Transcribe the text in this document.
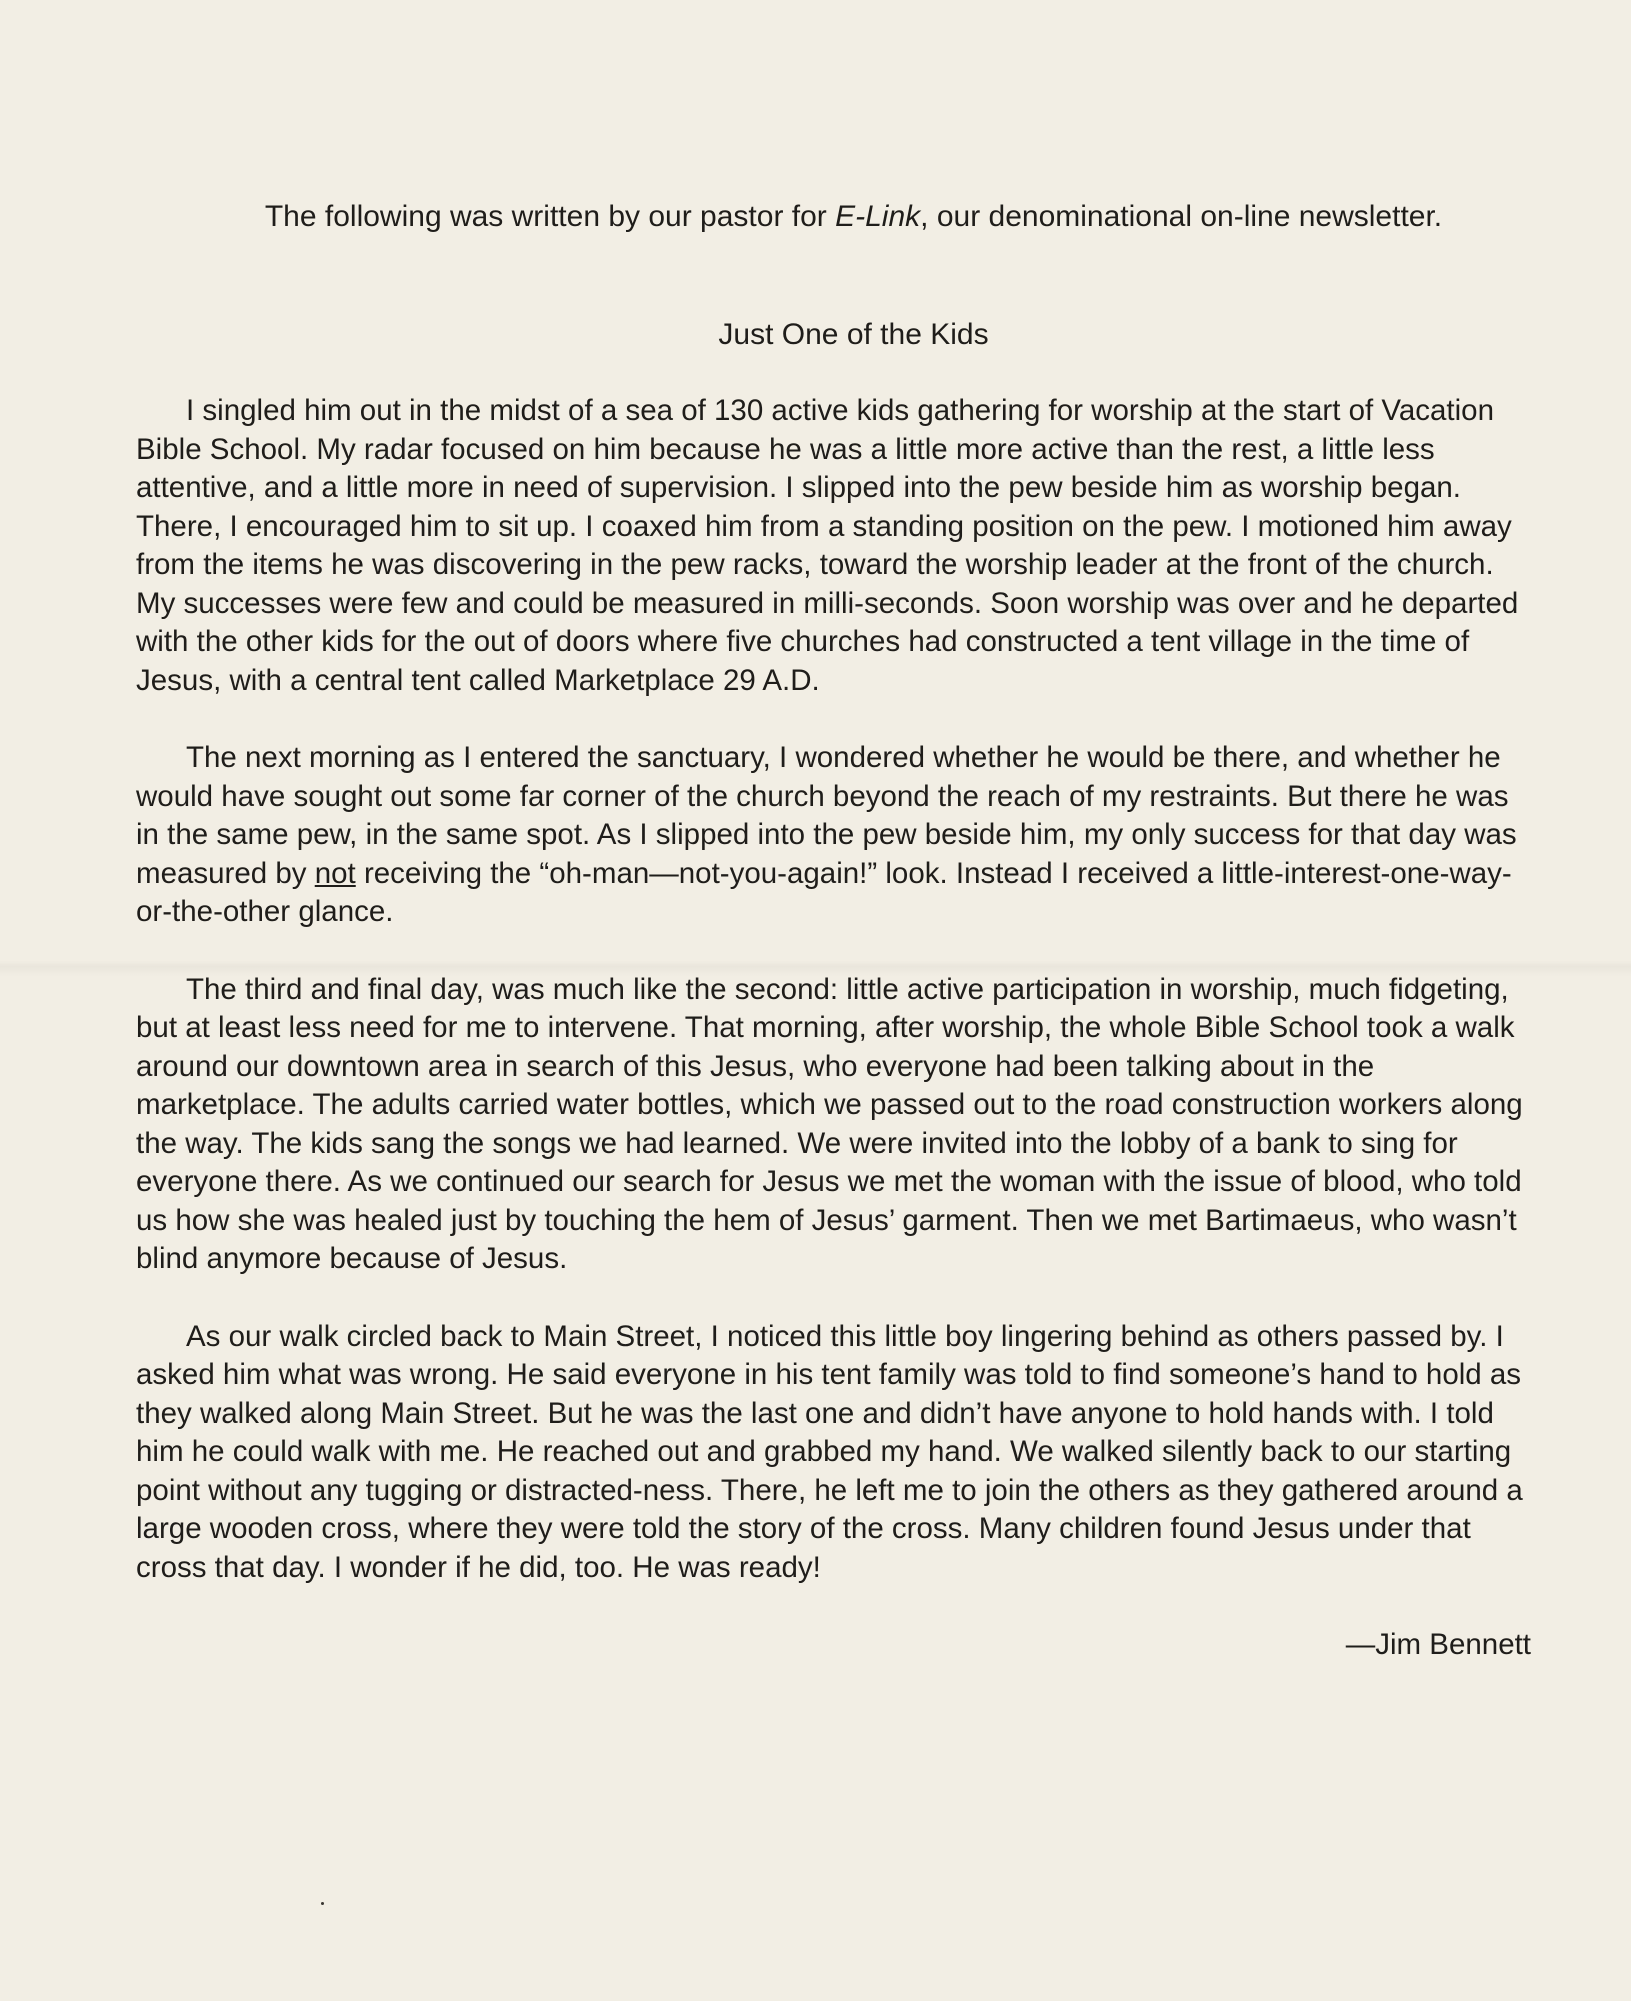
The following was written by our pastor for E-Link, our denominational on-line newsletter.

Just One of the Kids

I singled him out in the midst of a sea of 130 active kids gathering for worship at the start of Vacation Bible School. My radar focused on him because he was a little more active than the rest, a little less attentive, and a little more in need of supervision. I slipped into the pew beside him as worship began. There, I encouraged him to sit up. I coaxed him from a standing position on the pew. I motioned him away from the items he was discovering in the pew racks, toward the worship leader at the front of the church. My successes were few and could be measured in milli-seconds. Soon worship was over and he departed with the other kids for the out of doors where five churches had constructed a tent village in the time of Jesus, with a central tent called Marketplace 29 A.D.

The next morning as I entered the sanctuary, I wondered whether he would be there, and whether he would have sought out some far corner of the church beyond the reach of my restraints. But there he was in the same pew, in the same spot. As I slipped into the pew beside him, my only success for that day was measured by not receiving the “oh-man—not-you-again!” look. Instead I received a little-interest-one-way-or-the-other glance.

The third and final day, was much like the second: little active participation in worship, much fidgeting, but at least less need for me to intervene. That morning, after worship, the whole Bible School took a walk around our downtown area in search of this Jesus, who everyone had been talking about in the marketplace. The adults carried water bottles, which we passed out to the road construction workers along the way. The kids sang the songs we had learned. We were invited into the lobby of a bank to sing for everyone there. As we continued our search for Jesus we met the woman with the issue of blood, who told us how she was healed just by touching the hem of Jesus’ garment. Then we met Bartimaeus, who wasn’t blind anymore because of Jesus.

As our walk circled back to Main Street, I noticed this little boy lingering behind as others passed by. I asked him what was wrong. He said everyone in his tent family was told to find someone’s hand to hold as they walked along Main Street. But he was the last one and didn’t have anyone to hold hands with. I told him he could walk with me. He reached out and grabbed my hand. We walked silently back to our starting point without any tugging or distracted-ness. There, he left me to join the others as they gathered around a large wooden cross, where they were told the story of the cross. Many children found Jesus under that cross that day. I wonder if he did, too. He was ready!

—Jim Bennett
